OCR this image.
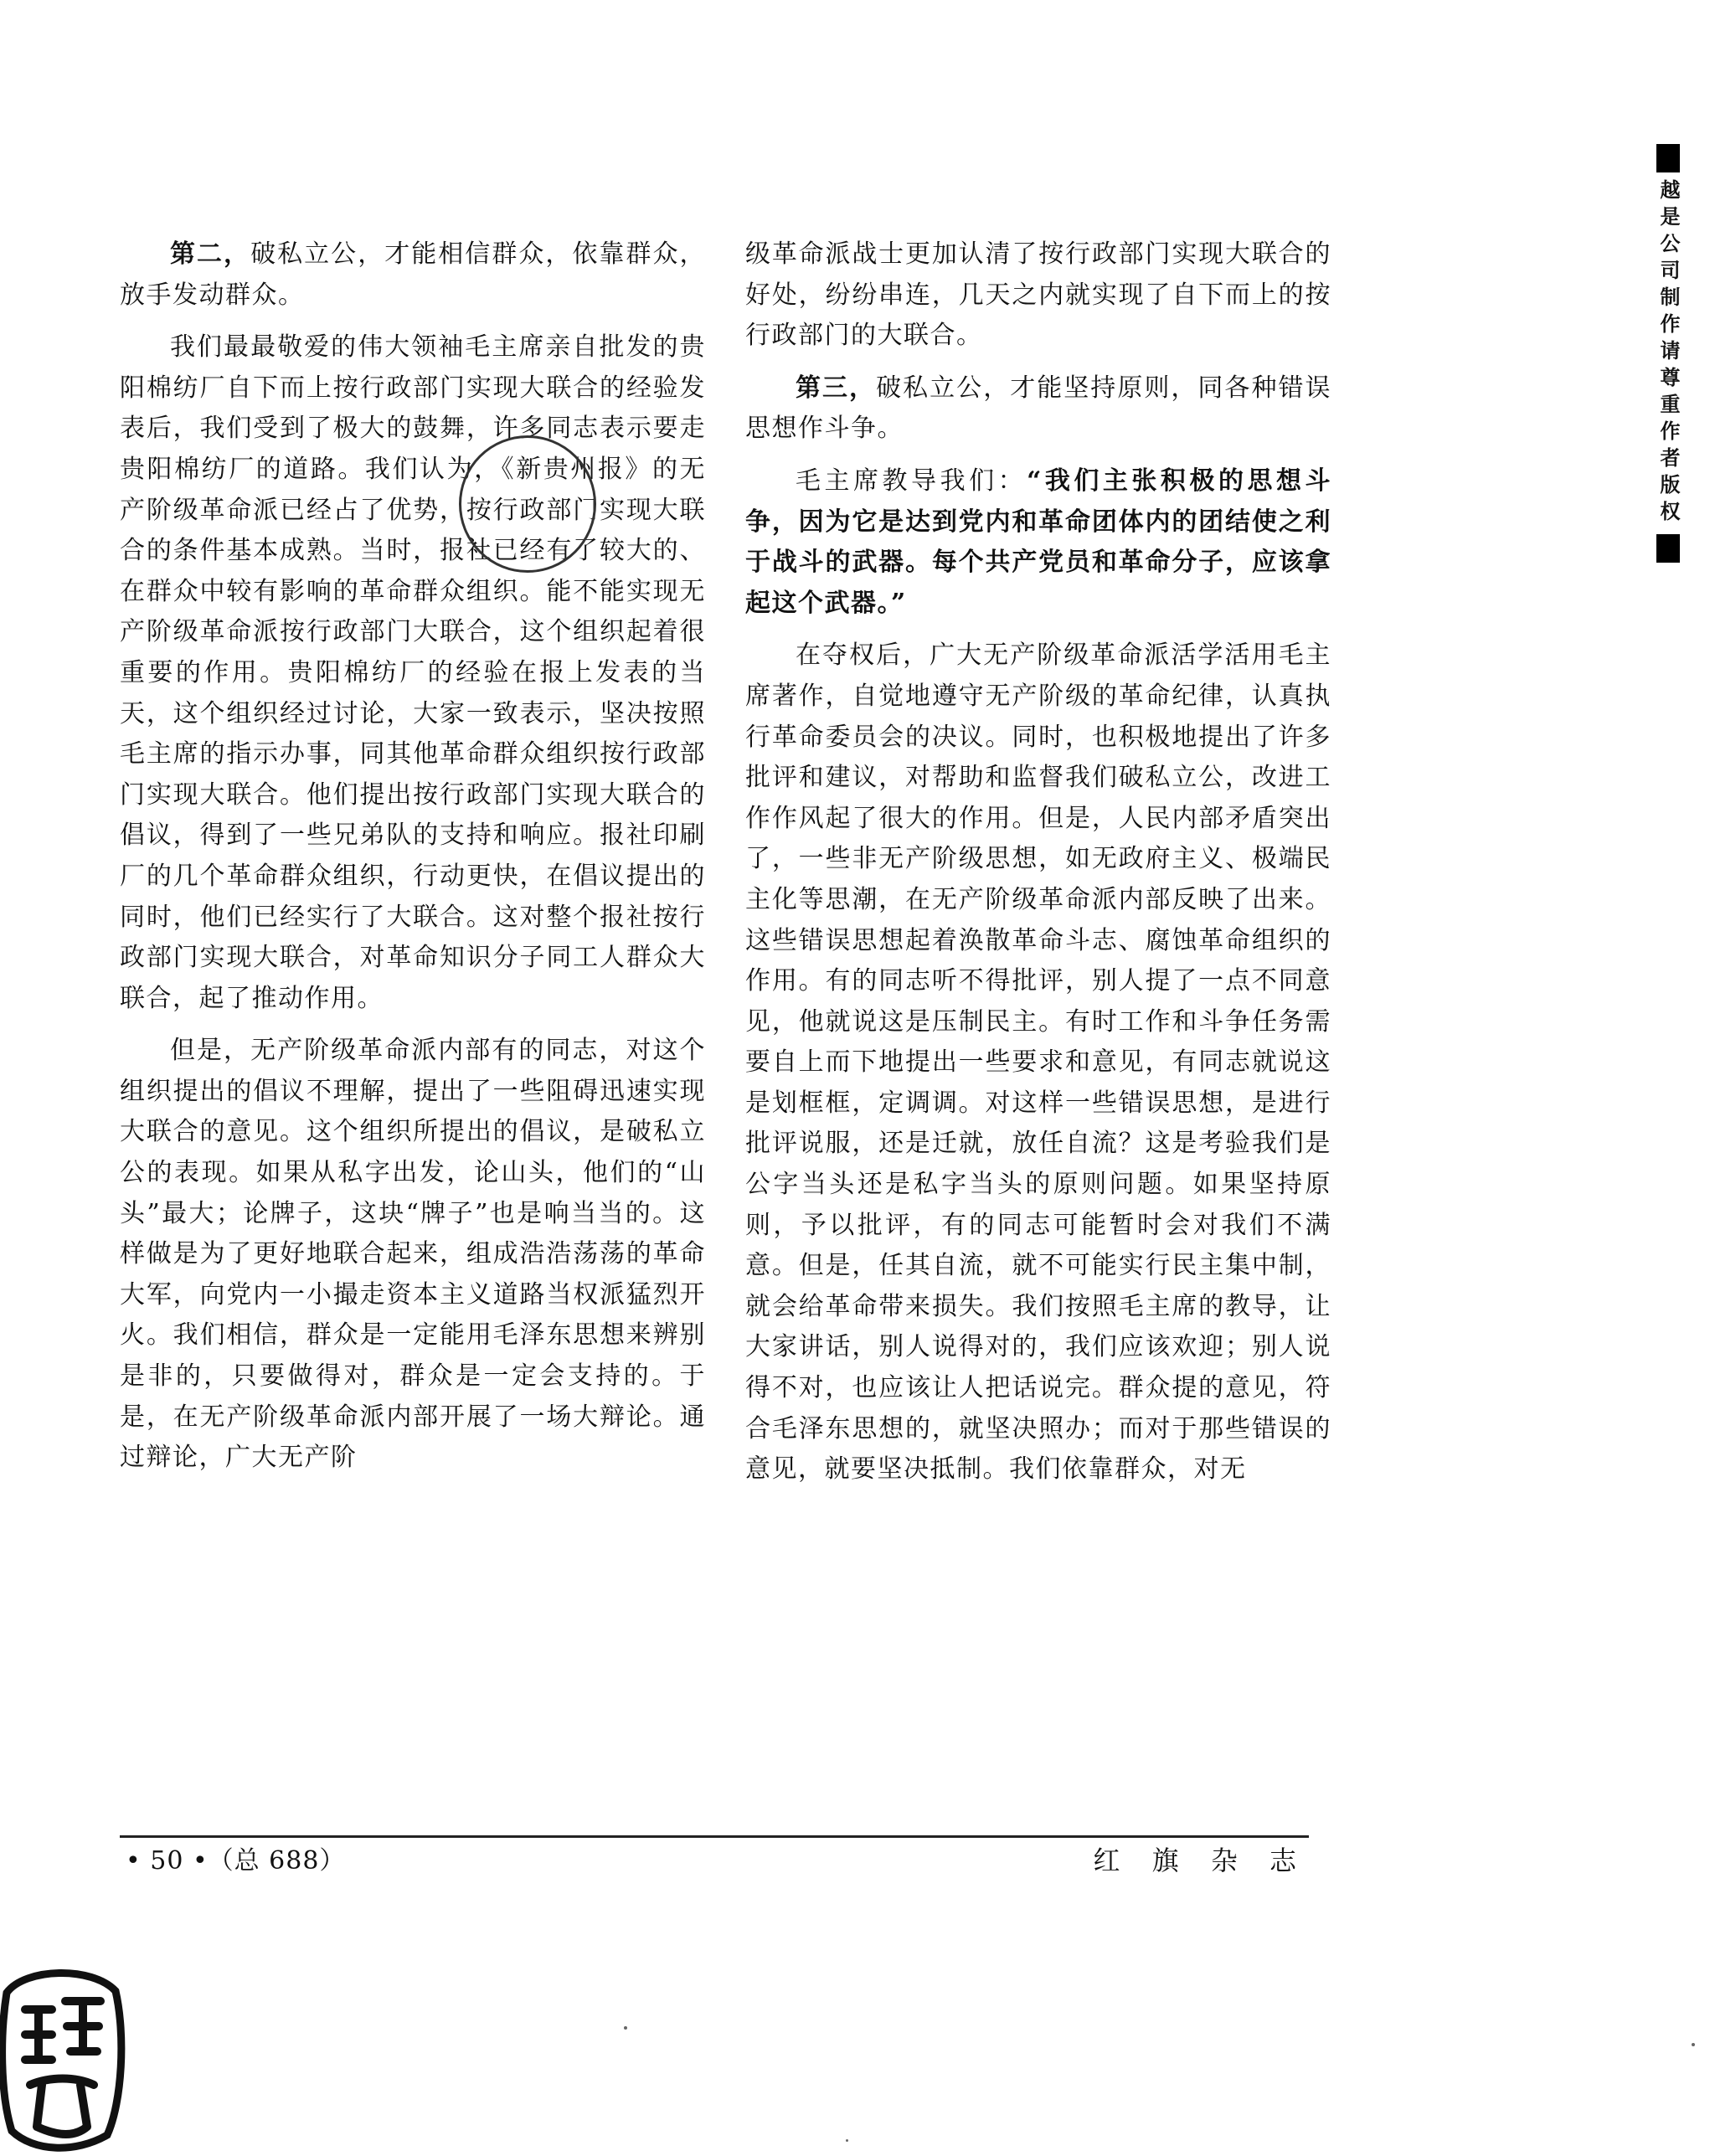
第二，破私立公，才能相信群众，依靠群众，放手发动群众。

我们最最敬爱的伟大领袖毛主席亲自批发的贵阳棉纺厂自下而上按行政部门实现大联合的经验发表后，我们受到了极大的鼓舞，许多同志表示要走贵阳棉纺厂的道路。我们认为，《新贵州报》的无产阶级革命派已经占了优势，按行政部门实现大联合的条件基本成熟。当时，报社已经有了较大的、在群众中较有影响的革命群众组织。能不能实现无产阶级革命派按行政部门大联合，这个组织起着很重要的作用。贵阳棉纺厂的经验在报上发表的当天，这个组织经过讨论，大家一致表示，坚决按照毛主席的指示办事，同其他革命群众组织按行政部门实现大联合。他们提出按行政部门实现大联合的倡议，得到了一些兄弟队的支持和响应。报社印刷厂的几个革命群众组织，行动更快，在倡议提出的同时，他们已经实行了大联合。这对整个报社按行政部门实现大联合，对革命知识分子同工人群众大联合，起了推动作用。

但是，无产阶级革命派内部有的同志，对这个组织提出的倡议不理解，提出了一些阻碍迅速实现大联合的意见。这个组织所提出的倡议，是破私立公的表现。如果从私字出发，论山头，他们的“山头”最大；论牌子，这块“牌子”也是响当当的。这样做是为了更好地联合起来，组成浩浩荡荡的革命大军，向党内一小撮走资本主义道路当权派猛烈开火。我们相信，群众是一定能用毛泽东思想来辨别是非的，只要做得对，群众是一定会支持的。于是，在无产阶级革命派内部开展了一场大辩论。通过辩论，广大无产阶

级革命派战士更加认清了按行政部门实现大联合的好处，纷纷串连，几天之内就实现了自下而上的按行政部门的大联合。

第三，破私立公，才能坚持原则，同各种错误思想作斗争。

毛主席教导我们：“我们主张积极的思想斗争，因为它是达到党内和革命团体内的团结使之利于战斗的武器。每个共产党员和革命分子，应该拿起这个武器。”

在夺权后，广大无产阶级革命派活学活用毛主席著作，自觉地遵守无产阶级的革命纪律，认真执行革命委员会的决议。同时，也积极地提出了许多批评和建议，对帮助和监督我们破私立公，改进工作作风起了很大的作用。但是，人民内部矛盾突出了，一些非无产阶级思想，如无政府主义、极端民主化等思潮，在无产阶级革命派内部反映了出来。这些错误思想起着涣散革命斗志、腐蚀革命组织的作用。有的同志听不得批评，别人提了一点不同意见，他就说这是压制民主。有时工作和斗争任务需要自上而下地提出一些要求和意见，有同志就说这是划框框，定调调。对这样一些错误思想，是进行批评说服，还是迁就，放任自流？这是考验我们是公字当头还是私字当头的原则问题。如果坚持原则，予以批评，有的同志可能暂时会对我们不满意。但是，任其自流，就不可能实行民主集中制，就会给革命带来损失。我们按照毛主席的教导，让大家讲话，别人说得对的，我们应该欢迎；别人说得不对，也应该让人把话说完。群众提的意见，符合毛泽东思想的，就坚决照办；而对于那些错误的意见，就要坚决抵制。我们依靠群众，对无

• 50 •（总 688）	红 旗 杂 志
越是公司制作请尊重作者版权
